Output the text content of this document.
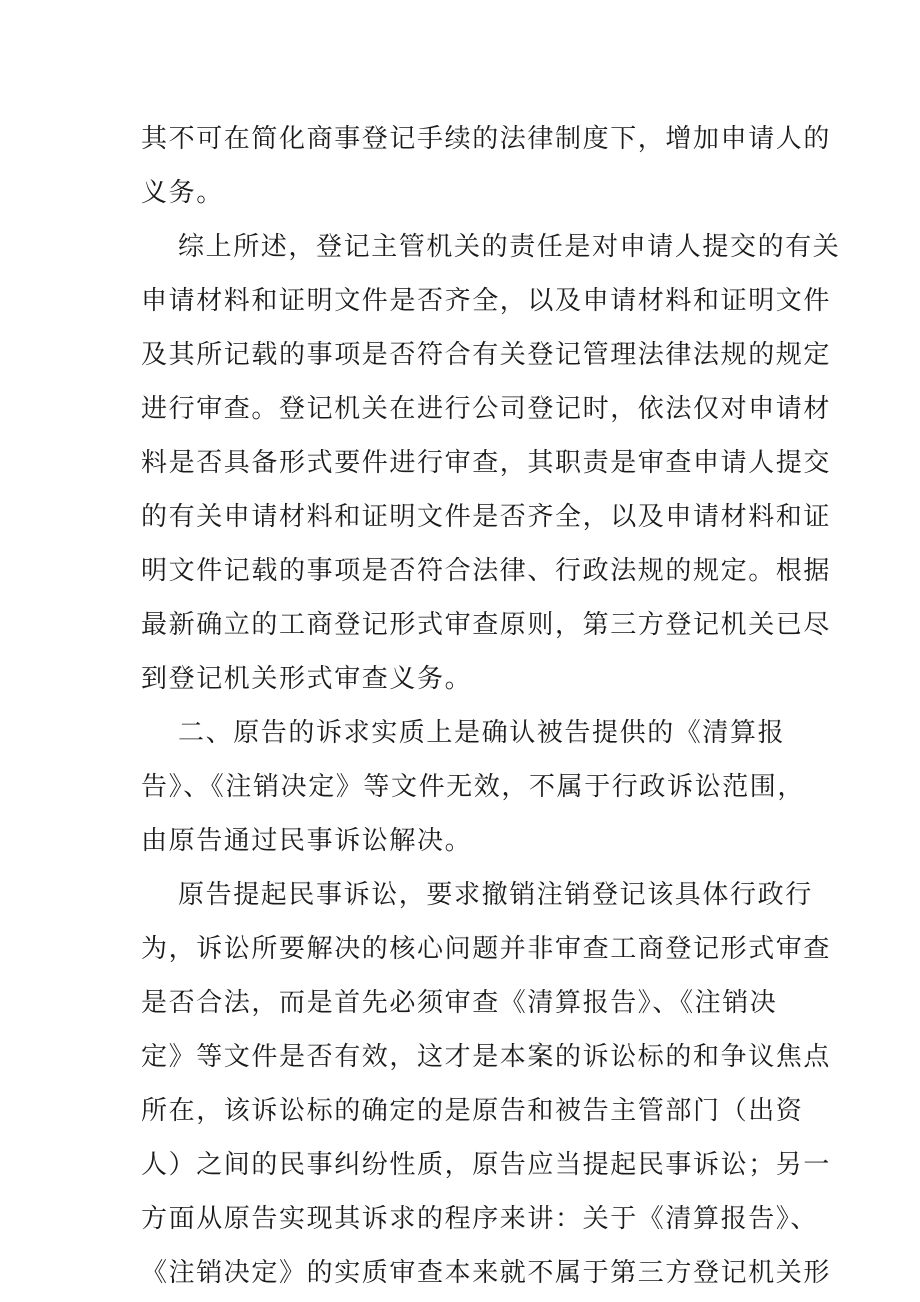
其不可在简化商事登记手续的法律制度下，增加申请人的
义务。
综上所述，登记主管机关的责任是对申请人提交的有关
申请材料和证明文件是否齐全，以及申请材料和证明文件
及其所记载的事项是否符合有关登记管理法律法规的规定
进行审查。登记机关在进行公司登记时，依法仅对申请材
料是否具备形式要件进行审查，其职责是审查申请人提交
的有关申请材料和证明文件是否齐全，以及申请材料和证
明文件记载的事项是否符合法律、行政法规的规定。根据
最新确立的工商登记形式审查原则，第三方登记机关已尽
到登记机关形式审查义务。
二、原告的诉求实质上是确认被告提供的《清算报
告》、《注销决定》等文件无效，不属于行政诉讼范围，
由原告通过民事诉讼解决。
原告提起民事诉讼，要求撤销注销登记该具体行政行
为，诉讼所要解决的核心问题并非审查工商登记形式审查
是否合法，而是首先必须审查《清算报告》、《注销决
定》等文件是否有效，这才是本案的诉讼标的和争议焦点
所在，该诉讼标的确定的是原告和被告主管部门（出资
人）之间的民事纠纷性质，原告应当提起民事诉讼；另一
方面从原告实现其诉求的程序来讲：关于《清算报告》、
《注销决定》的实质审查本来就不属于第三方登记机关形
